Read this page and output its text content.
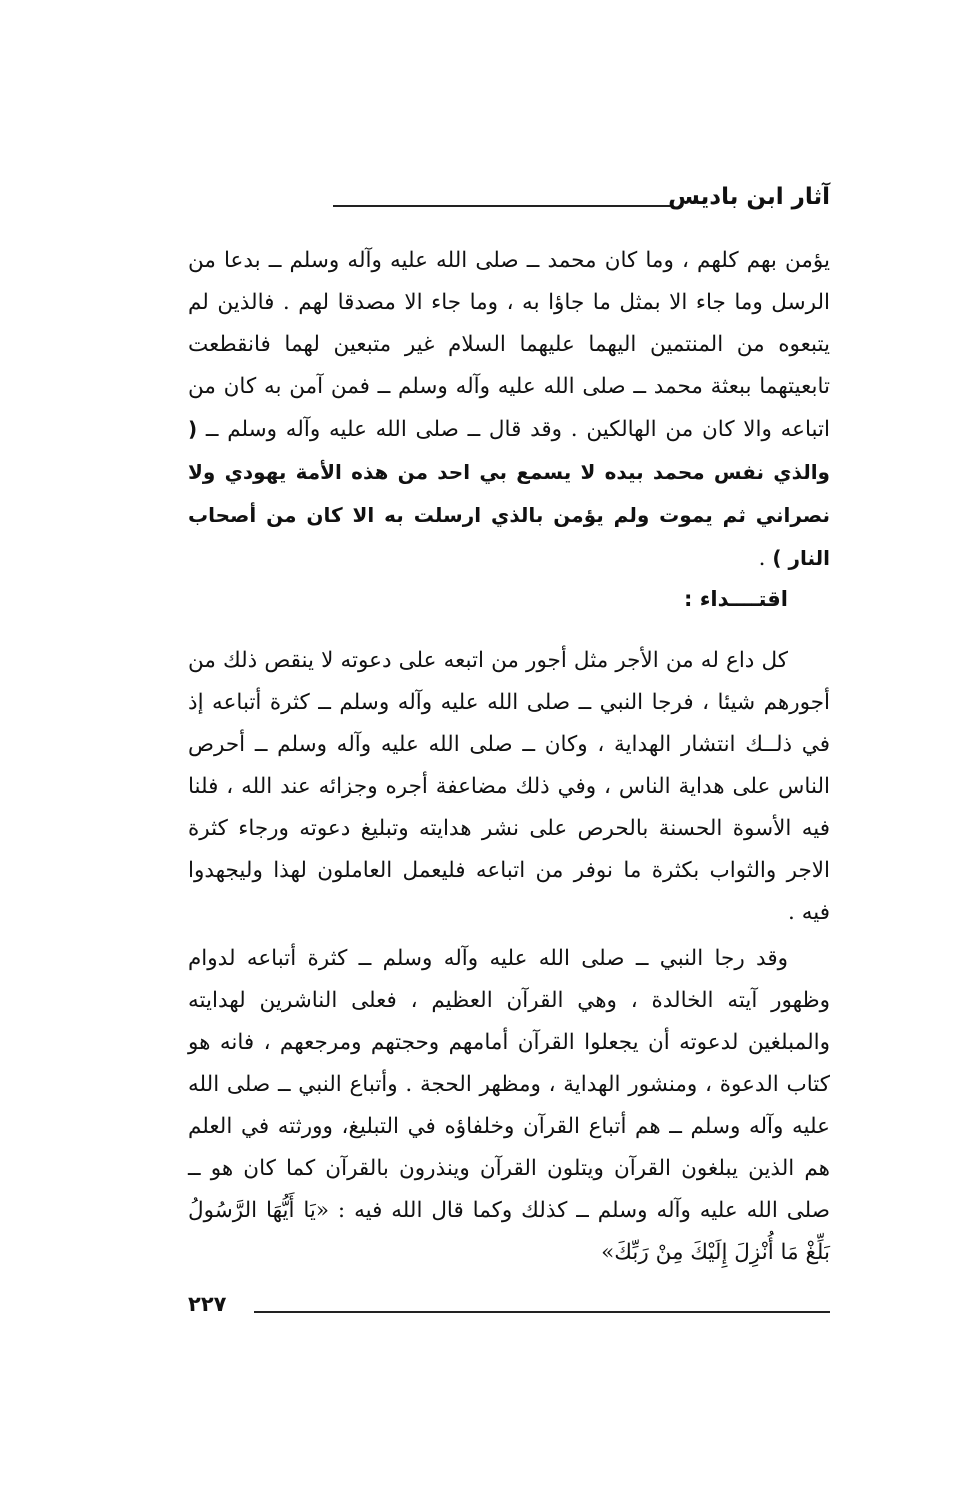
آثار ابن باديس

يؤمن بهم كلهم ، وما كان محمد ــ صلى الله عليه وآله وسلم ــ بدعا من الرسل وما جاء الا بمثل ما جاؤا به ، وما جاء الا مصدقا لهم . فالذين لم يتبعوه من المنتمين اليهما عليهما السلام غير متبعين لهما فانقطعت تابعيتهما ببعثة محمد ــ صلى الله عليه وآله وسلم ــ فمن آمن به كان من اتباعه والا كان من الهالكين . وقد قال ــ صلى الله عليه وآله وسلم ــ ( والذي نفس محمد بيده لا يسمع بي احد من هذه الأمة يهودي ولا نصراني ثم يموت ولم يؤمن بالذي ارسلت به الا كان من أصحاب النار ) .

اقتــــداء :

كل داع له من الأجر مثل أجور من اتبعه على دعوته لا ينقص ذلك من أجورهم شيئا ، فرجا النبي ــ صلى الله عليه وآله وسلم ــ كثرة أتباعه إذ في ذلــك انتشار الهداية ، وكان ــ صلى الله عليه وآله وسلم ــ أحرص الناس على هداية الناس ، وفي ذلك مضاعفة أجره وجزائه عند الله ، فلنا فيه الأسوة الحسنة بالحرص على نشر هدايته وتبليغ دعوته ورجاء كثرة الاجر والثواب بكثرة ما نوفر من اتباعه فليعمل العاملون لهذا وليجهدوا فيه .

وقد رجا النبي ــ صلى الله عليه وآله وسلم ــ كثرة أتباعه لدوام وظهور آيته الخالدة ، وهي القرآن العظيم ، فعلى الناشرين لهدايته والمبلغين لدعوته أن يجعلوا القرآن أمامهم وحجتهم ومرجعهم ، فانه هو كتاب الدعوة ، ومنشور الهداية ، ومظهر الحجة . وأتباع النبي ــ صلى الله عليه وآله وسلم ــ هم أتباع القرآن وخلفاؤه في التبليغ، وورثته في العلم هم الذين يبلغون القرآن ويتلون القرآن وينذرون بالقرآن كما كان هو ــ صلى الله عليه وآله وسلم ــ كذلك وكما قال الله فيه : «يَا أَيُّهَا الرَّسُولُ بَلِّغْ مَا أُنْزِلَ إِلَيْكَ مِنْ رَبِّكَ»

٢٢٧
